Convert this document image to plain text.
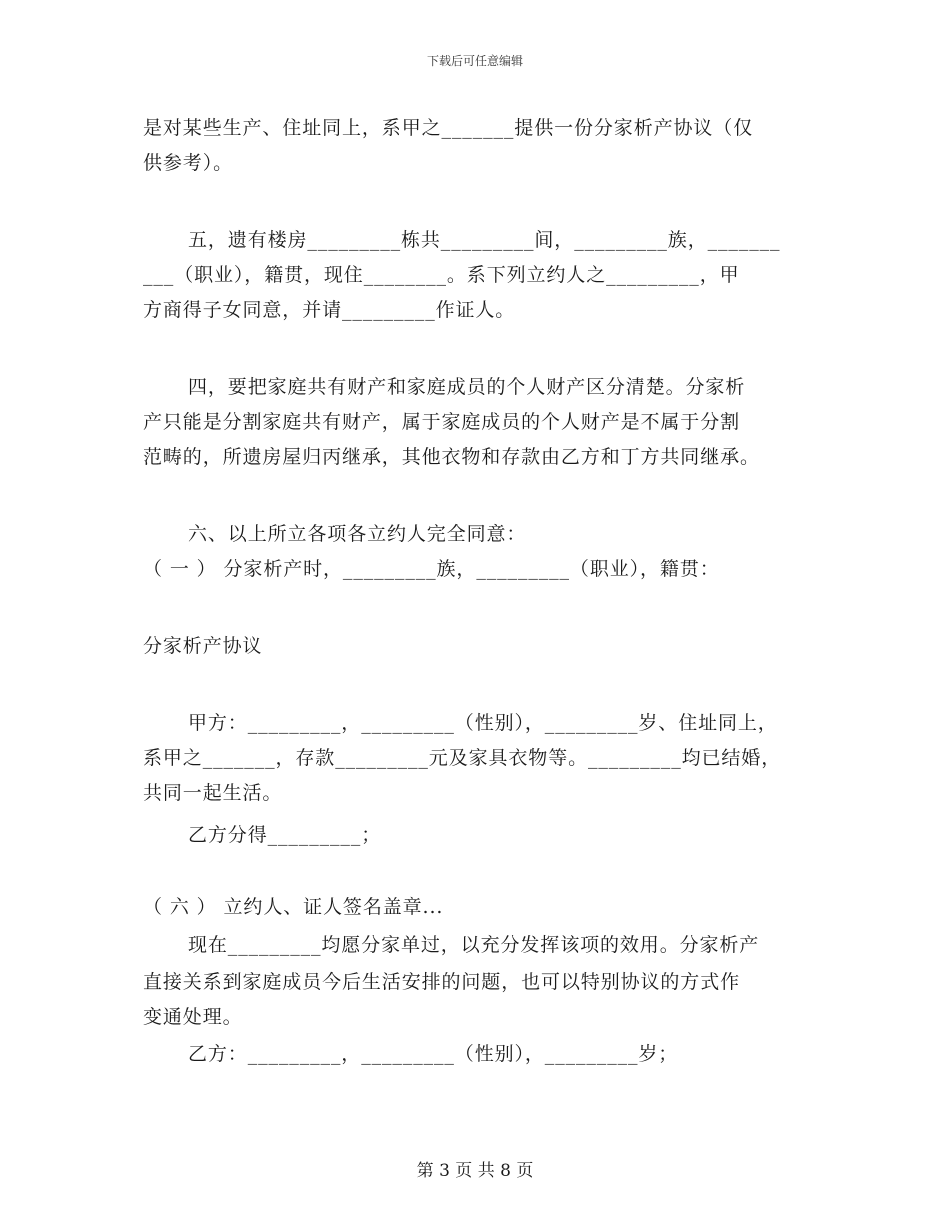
下载后可任意编辑
是对某些生产、住址同上，系甲之_______提供一份分家析产协议（仅
供参考）。
五，遗有楼房_________栋共_________间，_________族，_______
___（职业），籍贯，现住________。系下列立约人之_________，甲
方商得子女同意，并请_________作证人。
四，要把家庭共有财产和家庭成员的个人财产区分清楚。分家析
产只能是分割家庭共有财产，属于家庭成员的个人财产是不属于分割
范畴的，所遗房屋归丙继承，其他衣物和存款由乙方和丁方共同继承。
六、以上所立各项各立约人完全同意：
（ 一 ） 分家析产时，_________族，_________（职业），籍贯：
分家析产协议
甲方：_________，_________（性别），_________岁、住址同上，
系甲之_______，存款_________元及家具衣物等。_________均已结婚，
共同一起生活。
乙方分得_________；
（ 六 ） 立约人、证人签名盖章...
现在_________均愿分家单过，以充分发挥该项的效用。分家析产
直接关系到家庭成员今后生活安排的问题，也可以特别协议的方式作
变通处理。
乙方：_________，_________（性别），_________岁；
第 3 页 共 8 页
